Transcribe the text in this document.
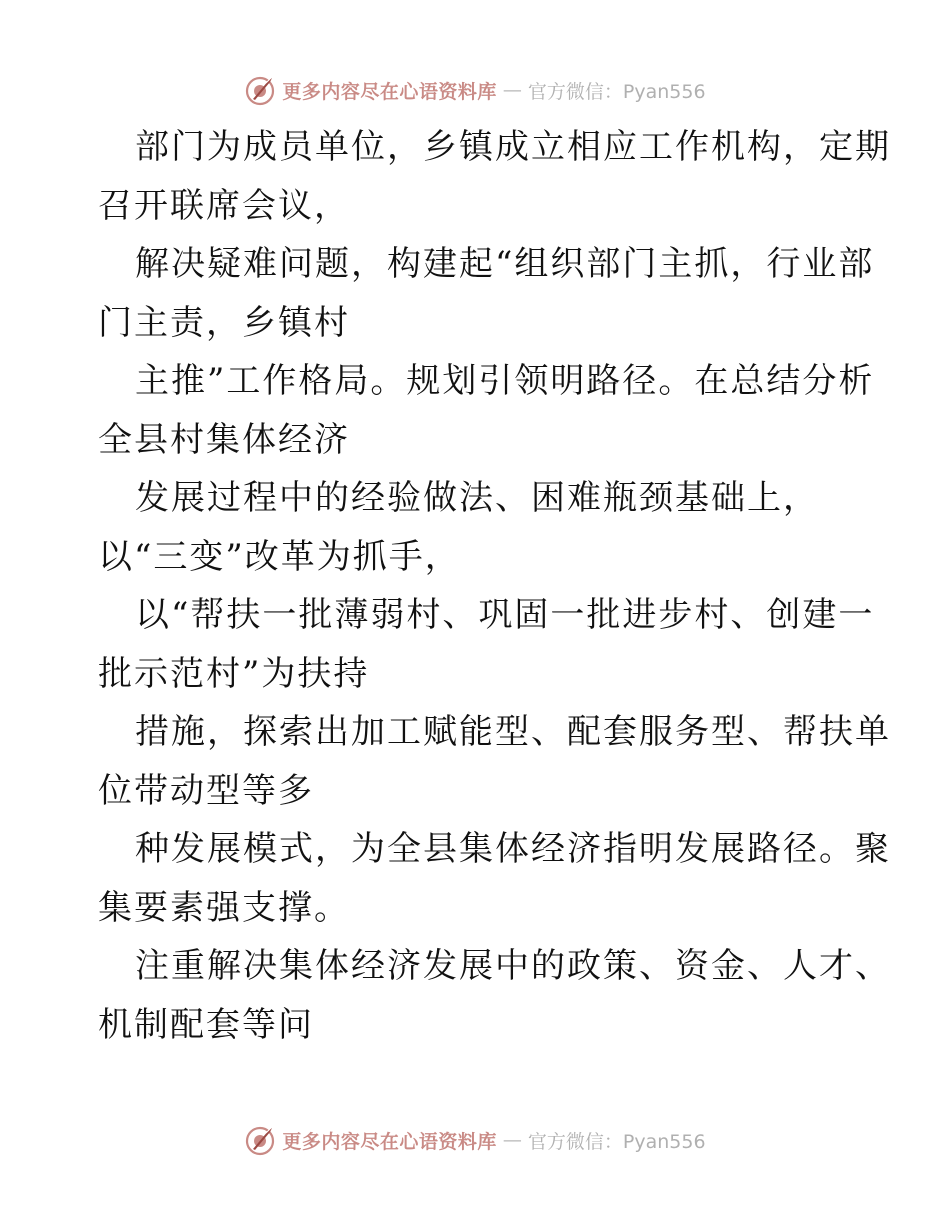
更多内容尽在心语资料库 — 官方微信：Pyan556
部门为成员单位，乡镇成立相应工作机构，定期
召开联席会议，
解决疑难问题，构建起“组织部门主抓，行业部
门主责，乡镇村
主推”工作格局。规划引领明路径。在总结分析
全县村集体经济
发展过程中的经验做法、困难瓶颈基础上，
以“三变”改革为抓手，
以“帮扶一批薄弱村、巩固一批进步村、创建一
批示范村”为扶持
措施，探索出加工赋能型、配套服务型、帮扶单
位带动型等多
种发展模式，为全县集体经济指明发展路径。聚
集要素强支撑。
注重解决集体经济发展中的政策、资金、人才、
机制配套等问
更多内容尽在心语资料库 — 官方微信：Pyan556
